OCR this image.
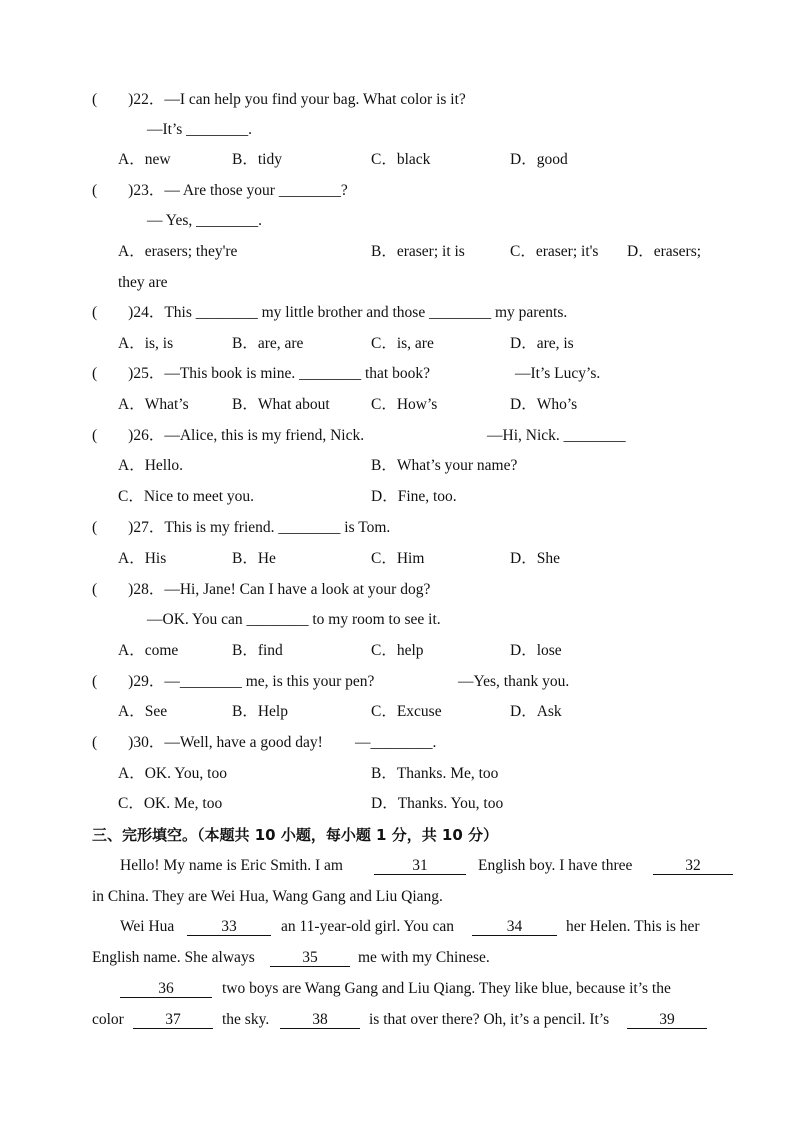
(　　)22．—I can help you find your bag. What color is it?
—It’s ________.
A．new	B．tidy	C．black	D．good
(　　)23．— Are those your ________?
— Yes, ________.
A．erasers; they're	B．eraser; it is	C．eraser; it's D．erasers;
they are
(　　)24．This ________ my little brother and those ________ my parents.
A．is, is	B．are, are	C．is, are	D．are, is
(　　)25．—This book is mine. ________ that book?	—It’s Lucy’s.
A．What’s	B．What about	C．How’s	D．Who’s
(　　)26．—Alice, this is my friend, Nick.	—Hi, Nick. ________
A．Hello.	B．What’s your name?
C．Nice to meet you.	D．Fine, too.
(　　)27．This is my friend. ________ is Tom.
A．His	B．He	C．Him	D．She
(　　)28．—Hi, Jane! Can I have a look at your dog?
—OK. You can ________ to my room to see it.
A．come	B．find	C．help	D．lose
(　　)29．—________ me, is this your pen?	—Yes, thank you.
A．See	B．Help	C．Excuse	D．Ask
(　　)30．—Well, have a good day! —________.
A．OK. You, too	B．Thanks. Me, too
C．OK. Me, too	D．Thanks. You, too
三、完形填空。（本题共 10 小题，每小题 1 分，共 10 分）
Hello! My name is Eric Smith. I am	31	English boy. I have three	32
in China. They are Wei Hua, Wang Gang and Liu Qiang.
Wei Hua	33	an 11-year-old girl. You can	34	her Helen. This is her
English name. She always	35	me with my Chinese.
36	two boys are Wang Gang and Liu Qiang. They like blue, because it’s the
color	37	the sky.	38	is that over there? Oh, it’s a pencil. It’s	39
